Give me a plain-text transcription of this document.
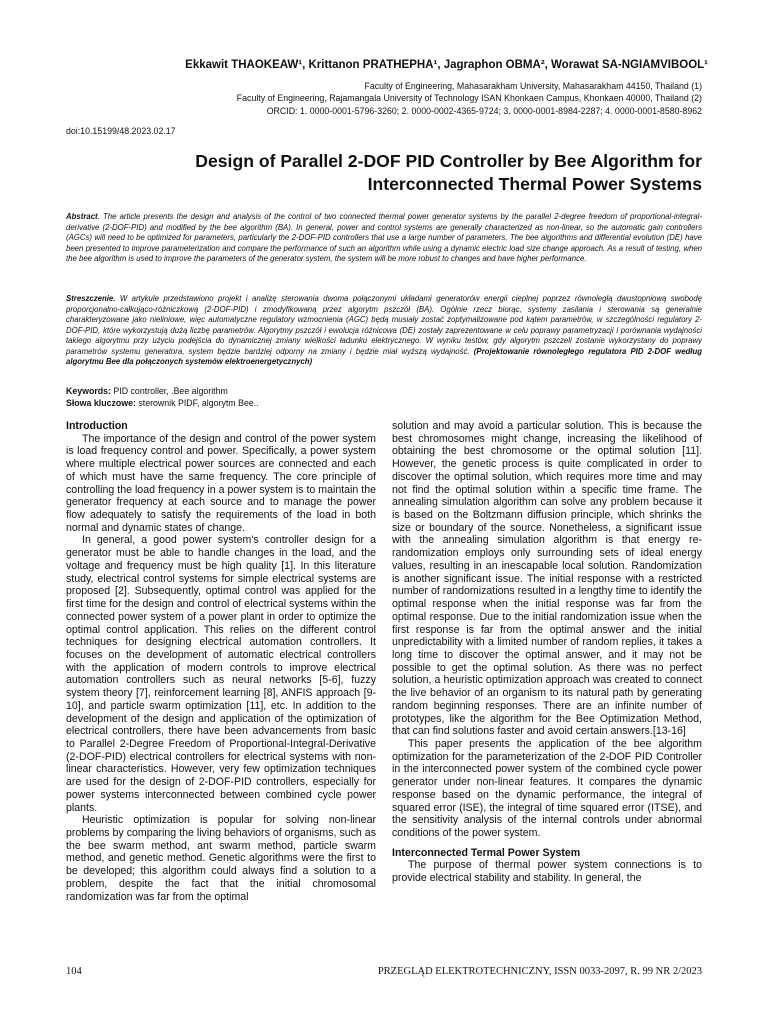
Ekkawit THAOKEAW¹, Krittanon PRATHEPHA¹, Jagraphon OBMA², Worawat SA-NGIAMVIBOOL¹
Faculty of Engineering, Mahasarakham University, Mahasarakham 44150, Thailand (1)
Faculty of Engineering, Rajamangala University of Technology ISAN Khonkaen Campus, Khonkaen 40000, Thailand (2)
ORCID: 1. 0000-0001-5796-3260; 2. 0000-0002-4365-9724; 3. 0000-0001-8984-2287; 4. 0000-0001-8580-8962
doi:10.15199/48.2023.02.17
Design of Parallel 2-DOF PID Controller by Bee Algorithm for
Interconnected Thermal Power Systems
Abstract. The article presents the design and analysis of the control of two connected thermal power generator systems by the parallel 2-degree freedom of proportional-integral-derivative (2-DOF-PID) and modified by the bee algorithm (BA). In general, power and control systems are generally characterized as non-linear, so the automatic gain controllers (AGCs) will need to be optimized for parameters, particularly the 2-DOF-PID controllers that use a large number of parameters. The bee algorithms and differential evolution (DE) have been presented to improve parameterization and compare the performance of such an algorithm while using a dynamic electric load size change approach. As a result of testing, when the bee algorithm is used to improve the parameters of the generator system, the system will be more robust to changes and have higher performance.
Streszczenie. W artykule przedstawiono projekt i analizę sterowania dwoma połączonymi układami generatorów energii cieplnej poprzez równoległą dwustopniową swobodę proporcjonalno-całkująco-różniczkową (2-DOF-PID) i zmodyfikowaną przez algorytm pszczół (BA). Ogólnie rzecz biorąc, systemy zasilania i sterowania są generalnie charakteryzowane jako nieliniowe, więc automatyczne regulatory wzmocnienia (AGC) będą musiały zostać zoptymalizowane pod kątem parametrów, w szczególności regulatory 2-DOF-PID, które wykorzystują dużą liczbę parametrów. Algorytmy pszczół i ewolucja różnicowa (DE) zostały zaprezentowane w celu poprawy parametryzacji i porównania wydajności takiego algorytmu przy użyciu podejścia do dynamicznej zmiany wielkości ładunku elektrycznego. W wyniku testów, gdy algorytm pszczeli zostanie wykorzystany do poprawy parametrów systemu generatora, system będzie bardziej odporny na zmiany i będzie miał wyższą wydajność. (Projektowanie równoległego regulatora PID 2-DOF według algorytmu Bee dla połączonych systemów elektroenergetycznych)
Keywords: PID controller, .Bee algorithm
Słowa kluczowe: sterownik PIDF, algorytm Bee..
Introduction

The importance of the design and control of the power system is load frequency control and power. Specifically, a power system where multiple electrical power sources are connected and each of which must have the same frequency. The core principle of controlling the load frequency in a power system is to maintain the generator frequency at each source and to manage the power flow adequately to satisfy the requirements of the load in both normal and dynamic states of change.

In general, a good power system's controller design for a generator must be able to handle changes in the load, and the voltage and frequency must be high quality [1]. In this literature study, electrical control systems for simple electrical systems are proposed [2]. Subsequently, optimal control was applied for the first time for the design and control of electrical systems within the connected power system of a power plant in order to optimize the optimal control application. This relies on the different control techniques for designing electrical automation controllers. It focuses on the development of automatic electrical controllers with the application of modern controls to improve electrical automation controllers such as neural networks [5-6], fuzzy system theory [7], reinforcement learning [8], ANFIS approach [9-10], and particle swarm optimization [11], etc. In addition to the development of the design and application of the optimization of electrical controllers, there have been advancements from basic to Parallel 2-Degree Freedom of Proportional-Integral-Derivative (2-DOF-PID) electrical controllers for electrical systems with non-linear characteristics. However, very few optimization techniques are used for the design of 2-DOF-PID controllers, especially for power systems interconnected between combined cycle power plants.

Heuristic optimization is popular for solving non-linear problems by comparing the living behaviors of organisms, such as the bee swarm method, ant swarm method, particle swarm method, and genetic method. Genetic algorithms were the first to be developed; this algorithm could always find a solution to a problem, despite the fact that the initial chromosomal randomization was far from the optimal

solution and may avoid a particular solution. This is because the best chromosomes might change, increasing the likelihood of obtaining the best chromosome or the optimal solution [11]. However, the genetic process is quite complicated in order to discover the optimal solution, which requires more time and may not find the optimal solution within a specific time frame. The annealing simulation algorithm can solve any problem because it is based on the Boltzmann diffusion principle, which shrinks the size or boundary of the source. Nonetheless, a significant issue with the annealing simulation algorithm is that energy re-randomization employs only surrounding sets of ideal energy values, resulting in an inescapable local solution. Randomization is another significant issue. The initial response with a restricted number of randomizations resulted in a lengthy time to identify the optimal response when the initial response was far from the optimal response. Due to the initial randomization issue when the first response is far from the optimal answer and the initial unpredictability with a limited number of random replies, it takes a long time to discover the optimal answer, and it may not be possible to get the optimal solution. As there was no perfect solution, a heuristic optimization approach was created to connect the live behavior of an organism to its natural path by generating random beginning responses. There are an infinite number of prototypes, like the algorithm for the Bee Optimization Method, that can find solutions faster and avoid certain answers.[13-16]

This paper presents the application of the bee algorithm optimization for the parameterization of the 2-DOF PID Controller in the interconnected power system of the combined cycle power generator under non-linear features. It compares the dynamic response based on the dynamic performance, the integral of squared error (ISE), the integral of time squared error (ITSE), and the sensitivity analysis of the internal controls under abnormal conditions of the power system.

Interconnected Termal Power System

The purpose of thermal power system connections is to provide electrical stability and stability. In general, the

104	PRZEGLĄD ELEKTROTECHNICZNY, ISSN 0033-2097, R. 99 NR 2/2023
